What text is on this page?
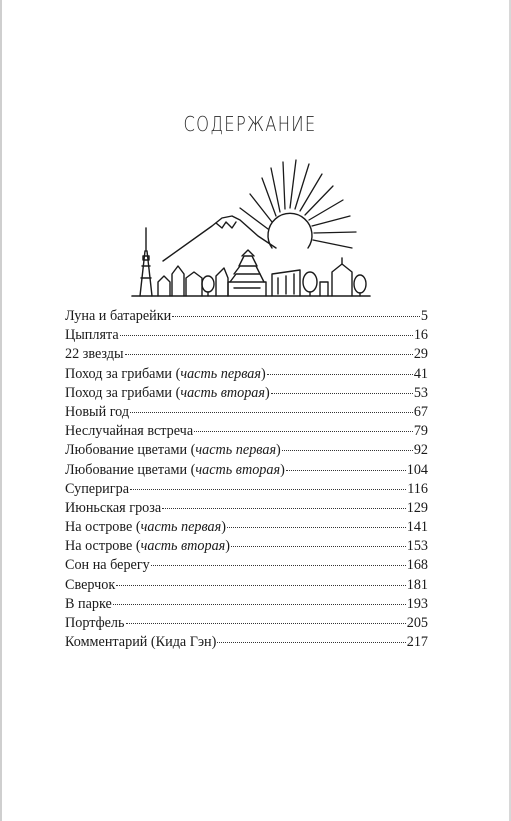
СОДЕРЖАНИЕ
Луна и батарейки	5
Цыплята	16
22 звезды	29
Поход за грибами (часть первая)	41
Поход за грибами (часть вторая)	53
Новый год	67
Неслучайная встреча	79
Любование цветами (часть первая)	92
Любование цветами (часть вторая)	104
Суперигра	116
Июньская гроза	129
На острове (часть первая)	141
На острове (часть вторая)	153
Сон на берегу	168
Сверчок	181
В парке	193
Портфель	205
Комментарий (Кида Гэн)	217
